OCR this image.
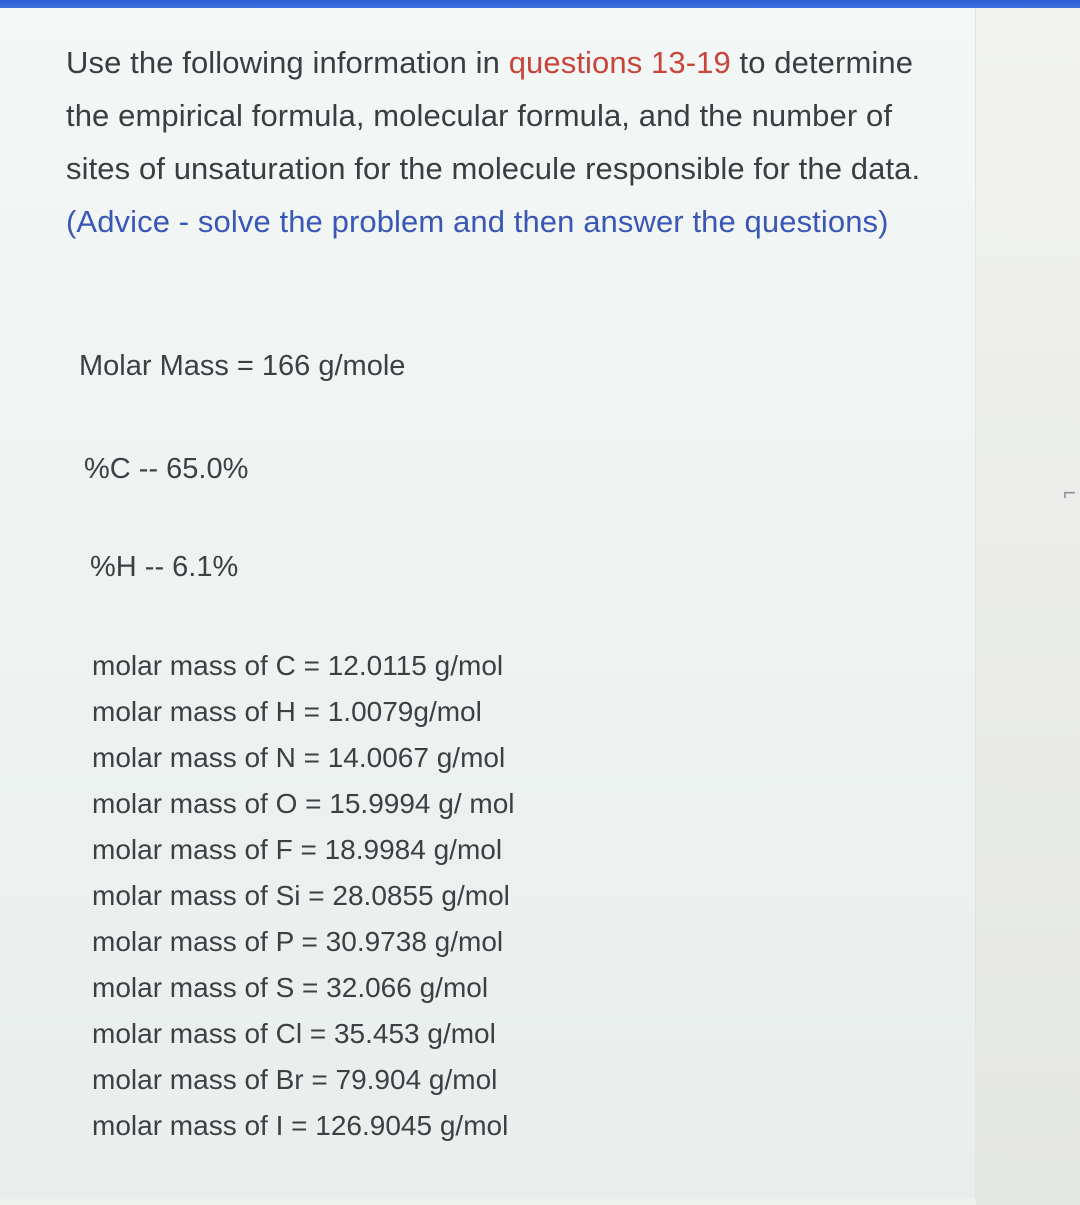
Use the following information in questions 13-19 to determine the empirical formula, molecular formula, and the number of sites of unsaturation for the molecule responsible for the data. (Advice - solve the problem and then answer the questions)
Molar Mass = 166 g/mole
%C -- 65.0%
%H -- 6.1%
molar mass of C = 12.0115 g/mol
molar mass of H = 1.0079g/mol
molar mass of N = 14.0067 g/mol
molar mass of O = 15.9994 g/ mol
molar mass of F = 18.9984 g/mol
molar mass of Si = 28.0855 g/mol
molar mass of P = 30.9738 g/mol
molar mass of S = 32.066 g/mol
molar mass of Cl = 35.453 g/mol
molar mass of Br = 79.904 g/mol
molar mass of I = 126.9045 g/mol
⌐
